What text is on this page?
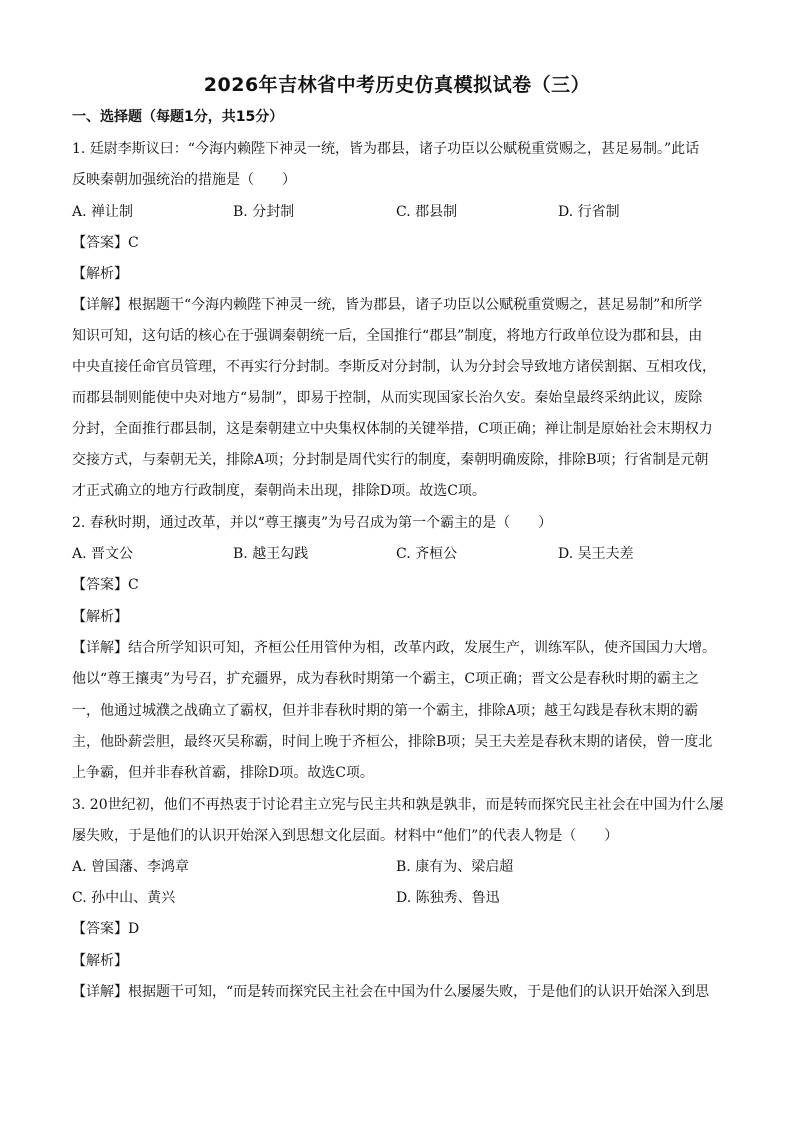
2026年吉林省中考历史仿真模拟试卷（三）
一、选择题（每题1分，共15分）
1. 廷尉李斯议曰：“今海内赖陛下神灵一统，皆为郡县，诸子功臣以公赋税重赏赐之，甚足易制。”此话
反映秦朝加强统治的措施是（　　）
A. 禅让制	B. 分封制	C. 郡县制	D. 行省制
【答案】C
【解析】
【详解】根据题干“今海内赖陛下神灵一统，皆为郡县，诸子功臣以公赋税重赏赐之，甚足易制”和所学
知识可知，这句话的核心在于强调秦朝统一后，全国推行“郡县”制度，将地方行政单位设为郡和县，由
中央直接任命官员管理，不再实行分封制。李斯反对分封制，认为分封会导致地方诸侯割据、互相攻伐，
而郡县制则能使中央对地方“易制”，即易于控制，从而实现国家长治久安。秦始皇最终采纳此议，废除
分封，全面推行郡县制，这是秦朝建立中央集权体制的关键举措，C项正确；禅让制是原始社会末期权力
交接方式，与秦朝无关，排除A项；分封制是周代实行的制度，秦朝明确废除，排除B项；行省制是元朝
才正式确立的地方行政制度，秦朝尚未出现，排除D项。故选C项。
2. 春秋时期，通过改革，并以“尊王攘夷”为号召成为第一个霸主的是（　　）
A. 晋文公	B. 越王勾践	C. 齐桓公	D. 吴王夫差
【答案】C
【解析】
【详解】结合所学知识可知，齐桓公任用管仲为相，改革内政，发展生产，训练军队，使齐国国力大增。
他以“尊王攘夷”为号召，扩充疆界，成为春秋时期第一个霸主，C项正确；晋文公是春秋时期的霸主之
一，他通过城濮之战确立了霸权，但并非春秋时期的第一个霸主，排除A项；越王勾践是春秋末期的霸
主，他卧薪尝胆，最终灭吴称霸，时间上晚于齐桓公，排除B项；吴王夫差是春秋末期的诸侯，曾一度北
上争霸，但并非春秋首霸，排除D项。故选C项。
3. 20世纪初，他们不再热衷于讨论君主立宪与民主共和孰是孰非，而是转而探究民主社会在中国为什么屡
屡失败，于是他们的认识开始深入到思想文化层面。材料中“他们”的代表人物是（　　）
A. 曾国藩、李鸿章	B. 康有为、梁启超
C. 孙中山、黄兴	D. 陈独秀、鲁迅
【答案】D
【解析】
【详解】根据题干可知，“而是转而探究民主社会在中国为什么屡屡失败，于是他们的认识开始深入到思
